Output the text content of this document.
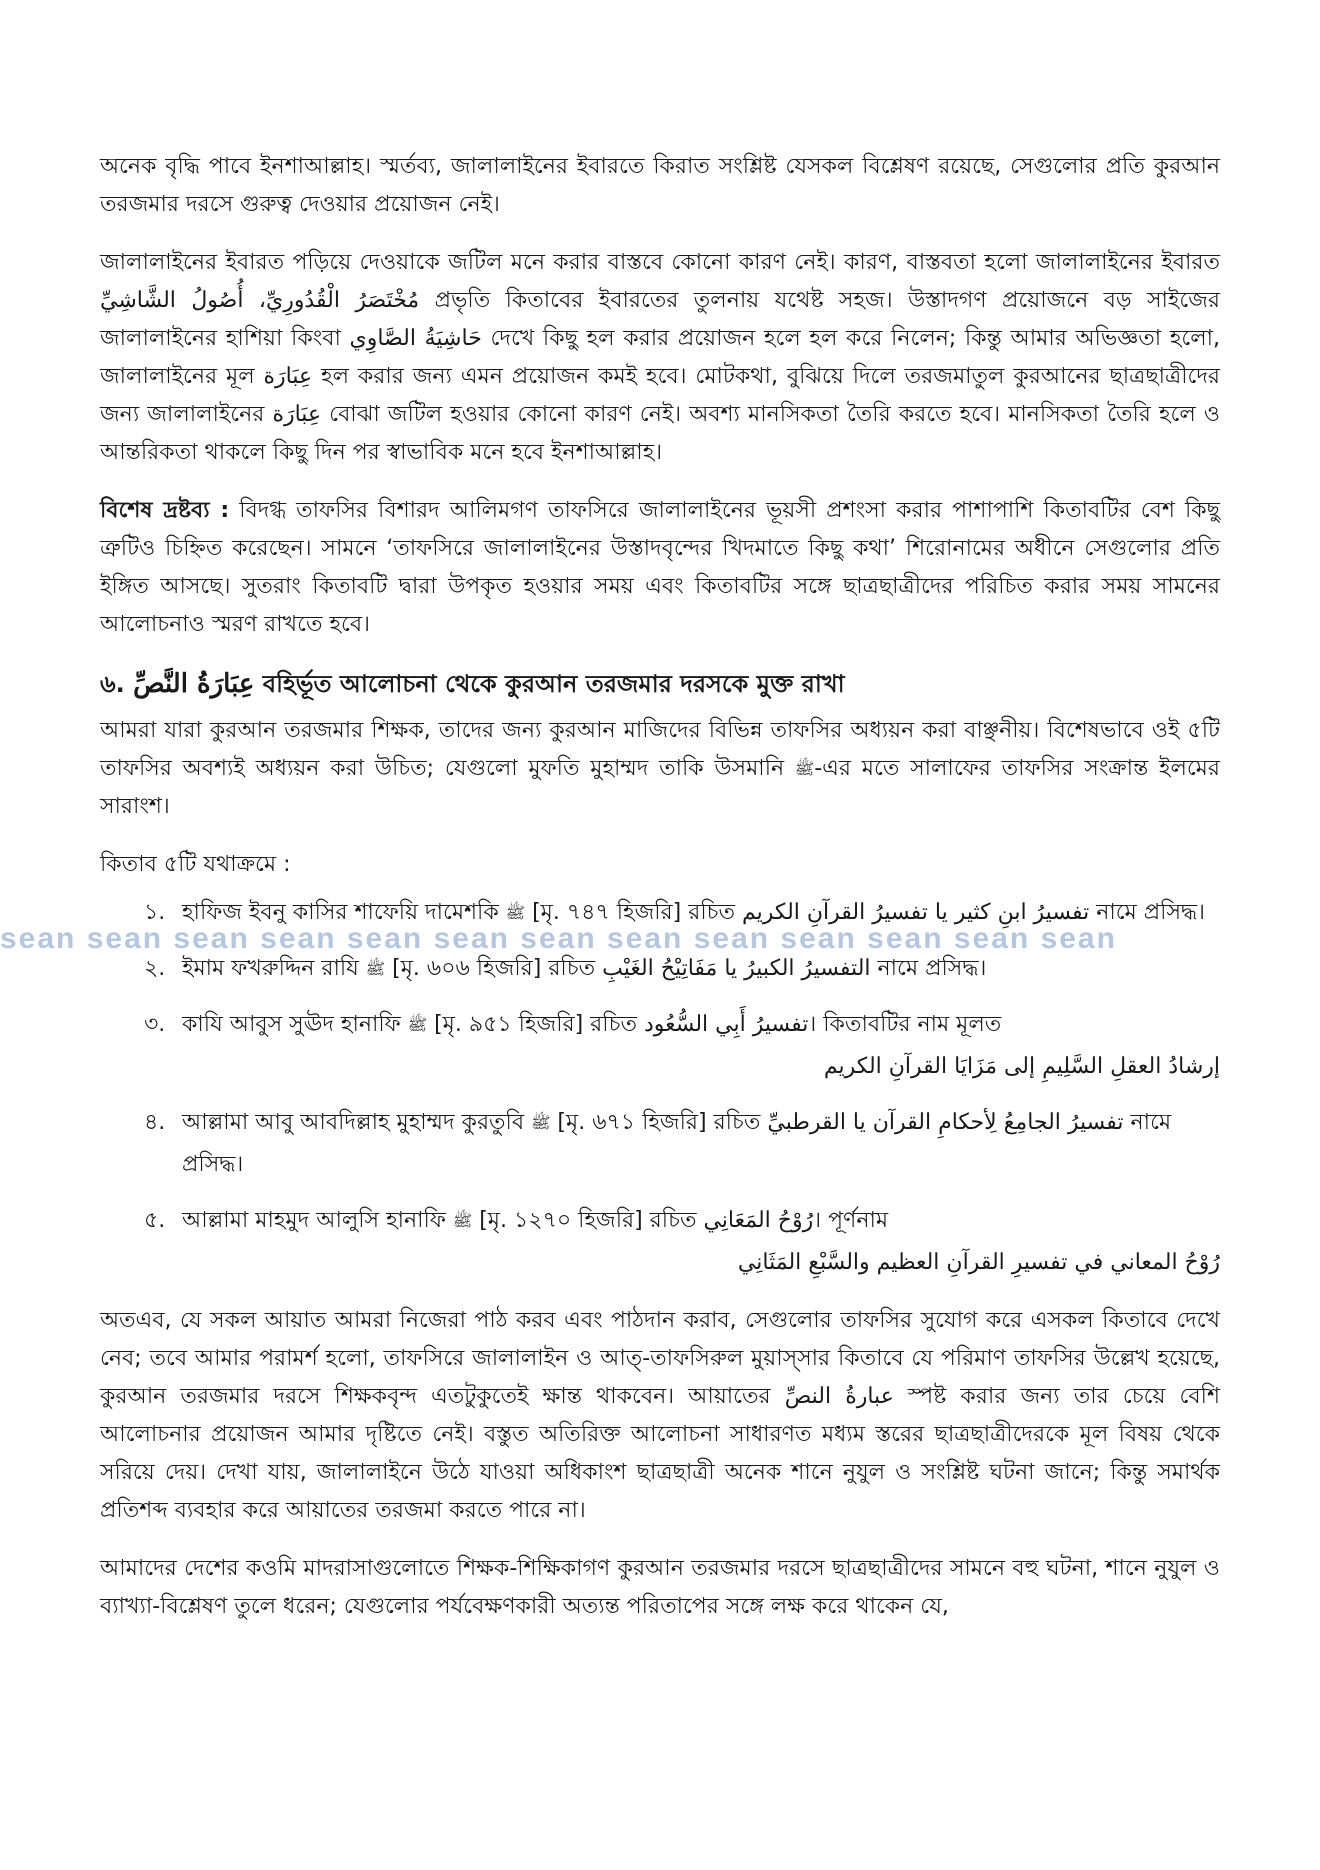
অনেক বৃদ্ধি পাবে ইনশাআল্লাহ। স্মর্তব্য, জালালাইনের ইবারতে কিরাত সংশ্লিষ্ট যেসকল বিশ্লেষণ রয়েছে, সেগুলোর প্রতি কুরআন তরজমার দরসে গুরুত্ব দেওয়ার প্রয়োজন নেই।

জালালাইনের ইবারত পড়িয়ে দেওয়াকে জটিল মনে করার বাস্তবে কোনো কারণ নেই। কারণ, বাস্তবতা হলো জালালাইনের ইবারত مُخْتَصَرُ الْقُدُورِيِّ، أُصُولُ الشَّاشِيِّ প্রভৃতি কিতাবের ইবারতের তুলনায় যথেষ্ট সহজ। উস্তাদগণ প্রয়োজনে বড় সাইজের জালালাইনের হাশিয়া কিংবা حَاشِيَةُ الصَّاوِي দেখে কিছু হল করার প্রয়োজন হলে হল করে নিলেন; কিন্তু আমার অভিজ্ঞতা হলো, জালালাইনের মূল عِبَارَة হল করার জন্য এমন প্রয়োজন কমই হবে। মোটকথা, বুঝিয়ে দিলে তরজমাতুল কুরআনের ছাত্রছাত্রীদের জন্য জালালাইনের عِبَارَة বোঝা জটিল হওয়ার কোনো কারণ নেই। অবশ্য মানসিকতা তৈরি করতে হবে। মানসিকতা তৈরি হলে ও আন্তরিকতা থাকলে কিছু দিন পর স্বাভাবিক মনে হবে ইনশাআল্লাহ।

বিশেষ দ্রষ্টব্য : বিদগ্ধ তাফসির বিশারদ আলিমগণ তাফসিরে জালালাইনের ভূয়সী প্রশংসা করার পাশাপাশি কিতাবটির বেশ কিছু ত্রুটিও চিহ্নিত করেছেন। সামনে ‘তাফসিরে জালালাইনের উস্তাদবৃন্দের খিদমাতে কিছু কথা’ শিরোনামের অধীনে সেগুলোর প্রতি ইঙ্গিত আসছে। সুতরাং কিতাবটি দ্বারা উপকৃত হওয়ার সময় এবং কিতাবটির সঙ্গে ছাত্রছাত্রীদের পরিচিত করার সময় সামনের আলোচনাও স্মরণ রাখতে হবে।

৬. عِبَارَةُ النَّصِّ বহির্ভূত আলোচনা থেকে কুরআন তরজমার দরসকে মুক্ত রাখা

আমরা যারা কুরআন তরজমার শিক্ষক, তাদের জন্য কুরআন মাজিদের বিভিন্ন তাফসির অধ্যয়ন করা বাঞ্ছনীয়। বিশেষভাবে ওই ৫টি তাফসির অবশ্যই অধ্যয়ন করা উচিত; যেগুলো মুফতি মুহাম্মদ তাকি উসমানি ﷺ-এর মতে সালাফের তাফসির সংক্রান্ত ইলমের সারাংশ।

কিতাব ৫টি যথাক্রমে :

১. হাফিজ ইবনু কাসির শাফেয়ি দামেশকি ﷺ [মৃ. ৭৪৭ হিজরি] রচিত تفسيرُ ابنِ كثير يا تفسيرُ القرآنِ الكريم নামে প্রসিদ্ধ।
২. ইমাম ফখরুদ্দিন রাযি ﷺ [মৃ. ৬০৬ হিজরি] রচিত التفسيرُ الكبيرُ يا مَفَاتِيْحُ الغَيْبِ নামে প্রসিদ্ধ।
৩. কাযি আবুস সুঊদ হানাফি ﷺ [মৃ. ৯৫১ হিজরি] রচিত تفسيرُ أَبِي السُّعُود। কিতাবটির নাম মূলত
إرشادُ العقلِ السَّلِيمِ إلى مَزَايَا القرآنِ الكريم
৪. আল্লামা আবু আবদিল্লাহ মুহাম্মদ কুরতুবি ﷺ [মৃ. ৬৭১ হিজরি] রচিত تفسيرُ الجامِعُ لِأحكامِ القرآن يا القرطبيِّ নামে প্রসিদ্ধ।
৫. আল্লামা মাহমুদ আলুসি হানাফি ﷺ [মৃ. ১২৭০ হিজরি] রচিত رُوْحُ المَعَانِي। পূর্ণনাম
رُوْحُ المعاني في تفسيرِ القرآنِ العظيم والسَّبْعِ المَثَانِي

অতএব, যে সকল আয়াত আমরা নিজেরা পাঠ করব এবং পাঠদান করাব, সেগুলোর তাফসির সুযোগ করে এসকল কিতাবে দেখে নেব; তবে আমার পরামর্শ হলো, তাফসিরে জালালাইন ও আত্-তাফসিরুল মুয়াস্সার কিতাবে যে পরিমাণ তাফসির উল্লেখ হয়েছে, কুরআন তরজমার দরসে শিক্ষকবৃন্দ এতটুকুতেই ক্ষান্ত থাকবেন। আয়াতের عبارةُ النصِّ স্পষ্ট করার জন্য তার চেয়ে বেশি আলোচনার প্রয়োজন আমার দৃষ্টিতে নেই। বস্তুত অতিরিক্ত আলোচনা সাধারণত মধ্যম স্তরের ছাত্রছাত্রীদেরকে মূল বিষয় থেকে সরিয়ে দেয়। দেখা যায়, জালালাইনে উঠে যাওয়া অধিকাংশ ছাত্রছাত্রী অনেক শানে নুযুল ও সংশ্লিষ্ট ঘটনা জানে; কিন্তু সমার্থক প্রতিশব্দ ব্যবহার করে আয়াতের তরজমা করতে পারে না।

আমাদের দেশের কওমি মাদরাসাগুলোতে শিক্ষক-শিক্ষিকাগণ কুরআন তরজমার দরসে ছাত্রছাত্রীদের সামনে বহু ঘটনা, শানে নুযুল ও ব্যাখ্যা-বিশ্লেষণ তুলে ধরেন; যেগুলোর পর্যবেক্ষণকারী অত্যন্ত পরিতাপের সঙ্গে লক্ষ করে থাকেন যে,

sean sean sean sean sean sean sean sean sean sean sean sean sean
